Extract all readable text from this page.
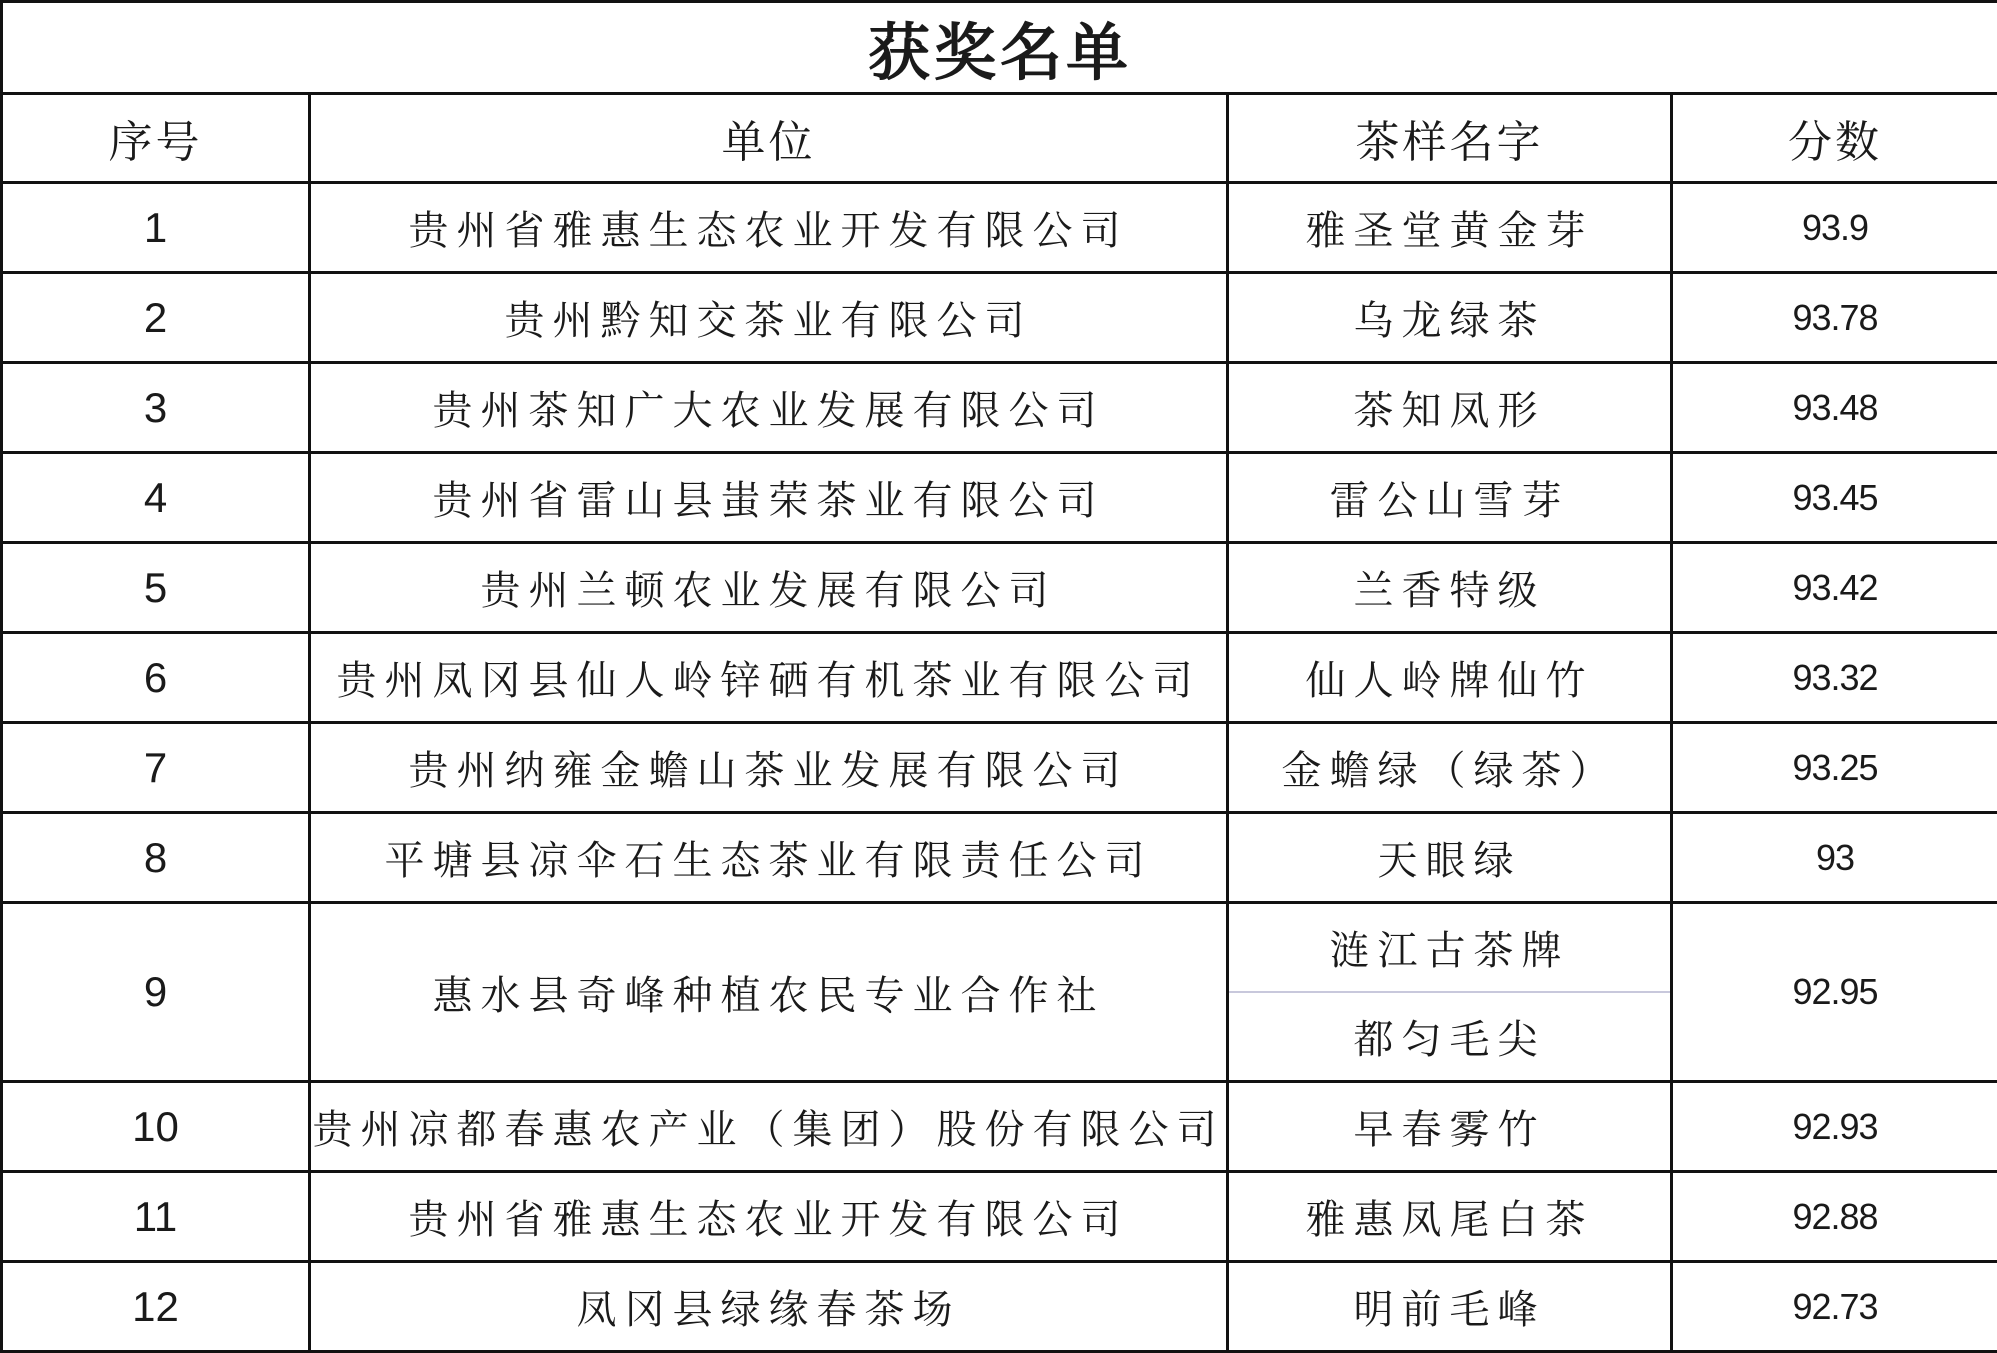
获奖名单			
序号	单位	茶样名字	分数
1	贵州省雅惠生态农业开发有限公司	雅圣堂黄金芽	93.9
2	贵州黔知交茶业有限公司	乌龙绿茶	93.78
3	贵州茶知广大农业发展有限公司	茶知凤形	93.48
4	贵州省雷山县蚩荣茶业有限公司	雷公山雪芽	93.45
5	贵州兰顿农业发展有限公司	兰香特级	93.42
6	贵州凤冈县仙人岭锌硒有机茶业有限公司	仙人岭牌仙竹	93.32
7	贵州纳雍金蟾山茶业发展有限公司	金蟾绿（绿茶）	93.25
8	平塘县凉伞石生态茶业有限责任公司	天眼绿	93
9	惠水县奇峰种植农民专业合作社	涟江古茶牌	92.95
		都匀毛尖	
10	贵州凉都春惠农产业（集团）股份有限公司	早春雾竹	92.93
11	贵州省雅惠生态农业开发有限公司	雅惠凤尾白茶	92.88
12	凤冈县绿缘春茶场	明前毛峰	92.73
